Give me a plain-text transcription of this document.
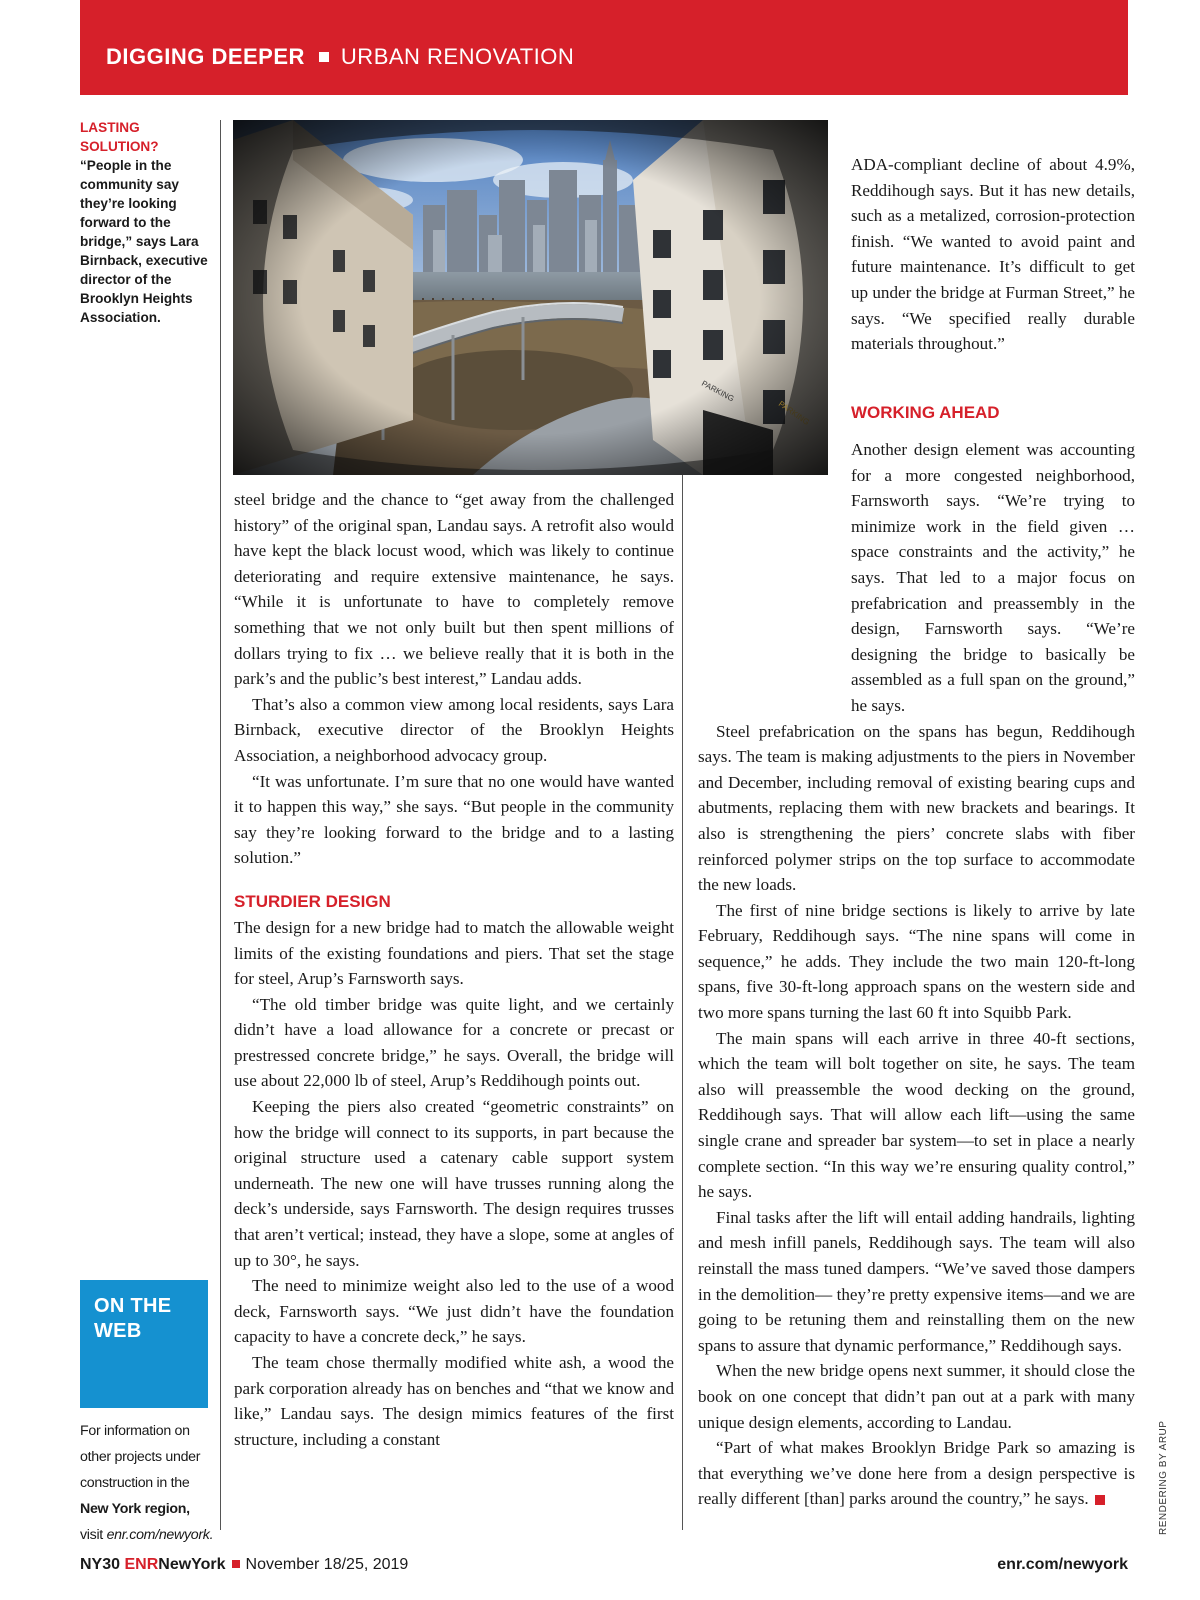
DIGGING DEEPER URBAN RENOVATION
LASTING
SOLUTION?
“People in the community say they’re looking forward to the bridge,” says Lara Birnback, executive director of the Brooklyn Heights Association.

ADA-compliant decline of about 4.9%, Reddihough says. But it has new details, such as a metalized, corrosion-protection finish. “We wanted to avoid paint and future maintenance. It’s difficult to get up under the bridge at Furman Street,” he says. “We specified really durable materials throughout.”

steel bridge and the chance to “get away from the challenged history” of the original span, Landau says. A retrofit also would have kept the black locust wood, which was likely to continue deteriorating and require extensive maintenance, he says. “While it is unfortunate to have to completely remove something that we not only built but then spent millions of dollars trying to fix … we believe really that it is both in the park’s and the public’s best interest,” Landau adds.

That’s also a common view among local residents, says Lara Birnback, executive director of the Brooklyn Heights Association, a neighborhood advocacy group.

“It was unfortunate. I’m sure that no one would have wanted it to happen this way,” she says. “But people in the community say they’re looking forward to the bridge and to a lasting solution.”

STURDIER DESIGN

The design for a new bridge had to match the allowable weight limits of the existing foundations and piers. That set the stage for steel, Arup’s Farnsworth says.

“The old timber bridge was quite light, and we certainly didn’t have a load allowance for a concrete or precast or prestressed concrete bridge,” he says. Overall, the bridge will use about 22,000 lb of steel, Arup’s Reddihough points out.

Keeping the piers also created “geometric constraints” on how the bridge will connect to its supports, in part because the original structure used a catenary cable support system underneath. The new one will have trusses running along the deck’s underside, says Farnsworth. The design requires trusses that aren’t vertical; instead, they have a slope, some at angles of up to 30°, he says.

The need to minimize weight also led to the use of a wood deck, Farnsworth says. “We just didn’t have the foundation capacity to have a concrete deck,” he says.

The team chose thermally modified white ash, a wood the park corporation already has on benches and “that we know and like,” Landau says. The design mimics features of the first structure, including a constant

WORKING AHEAD

Another design element was accounting for a more congested neighborhood, Farnsworth says. “We’re trying to minimize work in the field given … space constraints and the activity,” he says. That led to a major focus on prefabrication and preassembly in the design, Farnsworth says. “We’re designing the bridge to basically be assembled as a full span on the ground,” he says.

Steel prefabrication on the spans has begun, Reddihough says. The team is making adjustments to the piers in November and December, including removal of existing bearing cups and abutments, replacing them with new brackets and bearings. It also is strengthening the piers’ concrete slabs with fiber reinforced polymer strips on the top surface to accommodate the new loads.

The first of nine bridge sections is likely to arrive by late February, Reddihough says. “The nine spans will come in sequence,” he adds. They include the two main 120-ft-long spans, five 30-ft-long approach spans on the western side and two more spans turning the last 60 ft into Squibb Park.

The main spans will each arrive in three 40-ft sections, which the team will bolt together on site, he says. The team also will preassemble the wood decking on the ground, Reddihough says. That will allow each lift—using the same single crane and spreader bar system—to set in place a nearly complete section. “In this way we’re ensuring quality control,” he says.

Final tasks after the lift will entail adding handrails, lighting and mesh infill panels, Reddihough says. The team will also reinstall the mass tuned dampers. “We’ve saved those dampers in the demolition— they’re pretty expensive items—and we are going to be retuning them and reinstalling them on the new spans to assure that dynamic performance,” Reddihough says.

When the new bridge opens next summer, it should close the book on one concept that didn’t pan out at a park with many unique design elements, according to Landau.

“Part of what makes Brooklyn Bridge Park so amazing is that everything we’ve done here from a design perspective is really different [than] parks around the country,” he says.

ON THE
WEB
For information on other projects under construction in the New York region, visit enr.com/newyork.	RENDERING BY ARUP
NY30 ENRNewYork November 18/25, 2019	enr.com/newyork
